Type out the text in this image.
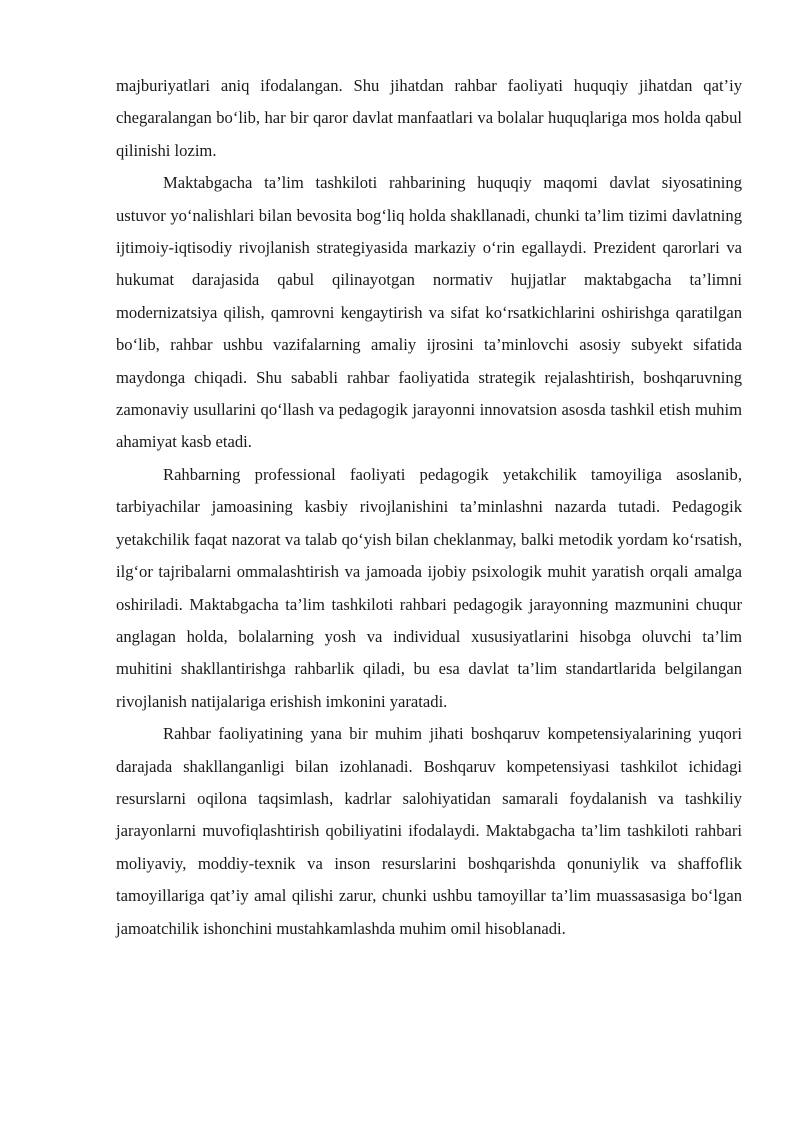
majburiyatlari aniq ifodalangan. Shu jihatdan rahbar faoliyati huquqiy jihatdan qat’iy chegaralangan bo‘lib, har bir qaror davlat manfaatlari va bolalar huquqlariga mos holda qabul qilinishi lozim.

Maktabgacha ta’lim tashkiloti rahbarining huquqiy maqomi davlat siyosatining ustuvor yo‘nalishlari bilan bevosita bog‘liq holda shakllanadi, chunki ta’lim tizimi davlatning ijtimoiy-iqtisodiy rivojlanish strategiyasida markaziy o‘rin egallaydi. Prezident qarorlari va hukumat darajasida qabul qilinayotgan normativ hujjatlar maktabgacha ta’limni modernizatsiya qilish, qamrovni kengaytirish va sifat ko‘rsatkichlarini oshirishga qaratilgan bo‘lib, rahbar ushbu vazifalarning amaliy ijrosini ta’minlovchi asosiy subyekt sifatida maydonga chiqadi. Shu sababli rahbar faoliyatida strategik rejalashtirish, boshqaruvning zamonaviy usullarini qo‘llash va pedagogik jarayonni innovatsion asosda tashkil etish muhim ahamiyat kasb etadi.

Rahbarning professional faoliyati pedagogik yetakchilik tamoyiliga asoslanib, tarbiyachilar jamoasining kasbiy rivojlanishini ta’minlashni nazarda tutadi. Pedagogik yetakchilik faqat nazorat va talab qo‘yish bilan cheklanmay, balki metodik yordam ko‘rsatish, ilg‘or tajribalarni ommalashtirish va jamoada ijobiy psixologik muhit yaratish orqali amalga oshiriladi. Maktabgacha ta’lim tashkiloti rahbari pedagogik jarayonning mazmunini chuqur anglagan holda, bolalarning yosh va individual xususiyatlarini hisobga oluvchi ta’lim muhitini shakllantirishga rahbarlik qiladi, bu esa davlat ta’lim standartlarida belgilangan rivojlanish natijalariga erishish imkonini yaratadi.

Rahbar faoliyatining yana bir muhim jihati boshqaruv kompetensiyalarining yuqori darajada shakllanganligi bilan izohlanadi. Boshqaruv kompetensiyasi tashkilot ichidagi resurslarni oqilona taqsimlash, kadrlar salohiyatidan samarali foydalanish va tashkiliy jarayonlarni muvofiqlashtirish qobiliyatini ifodalaydi. Maktabgacha ta’lim tashkiloti rahbari moliyaviy, moddiy-texnik va inson resurslarini boshqarishda qonuniylik va shaffoflik tamoyillariga qat’iy amal qilishi zarur, chunki ushbu tamoyillar ta’lim muassasasiga bo‘lgan jamoatchilik ishonchini mustahkamlashda muhim omil hisoblanadi.
